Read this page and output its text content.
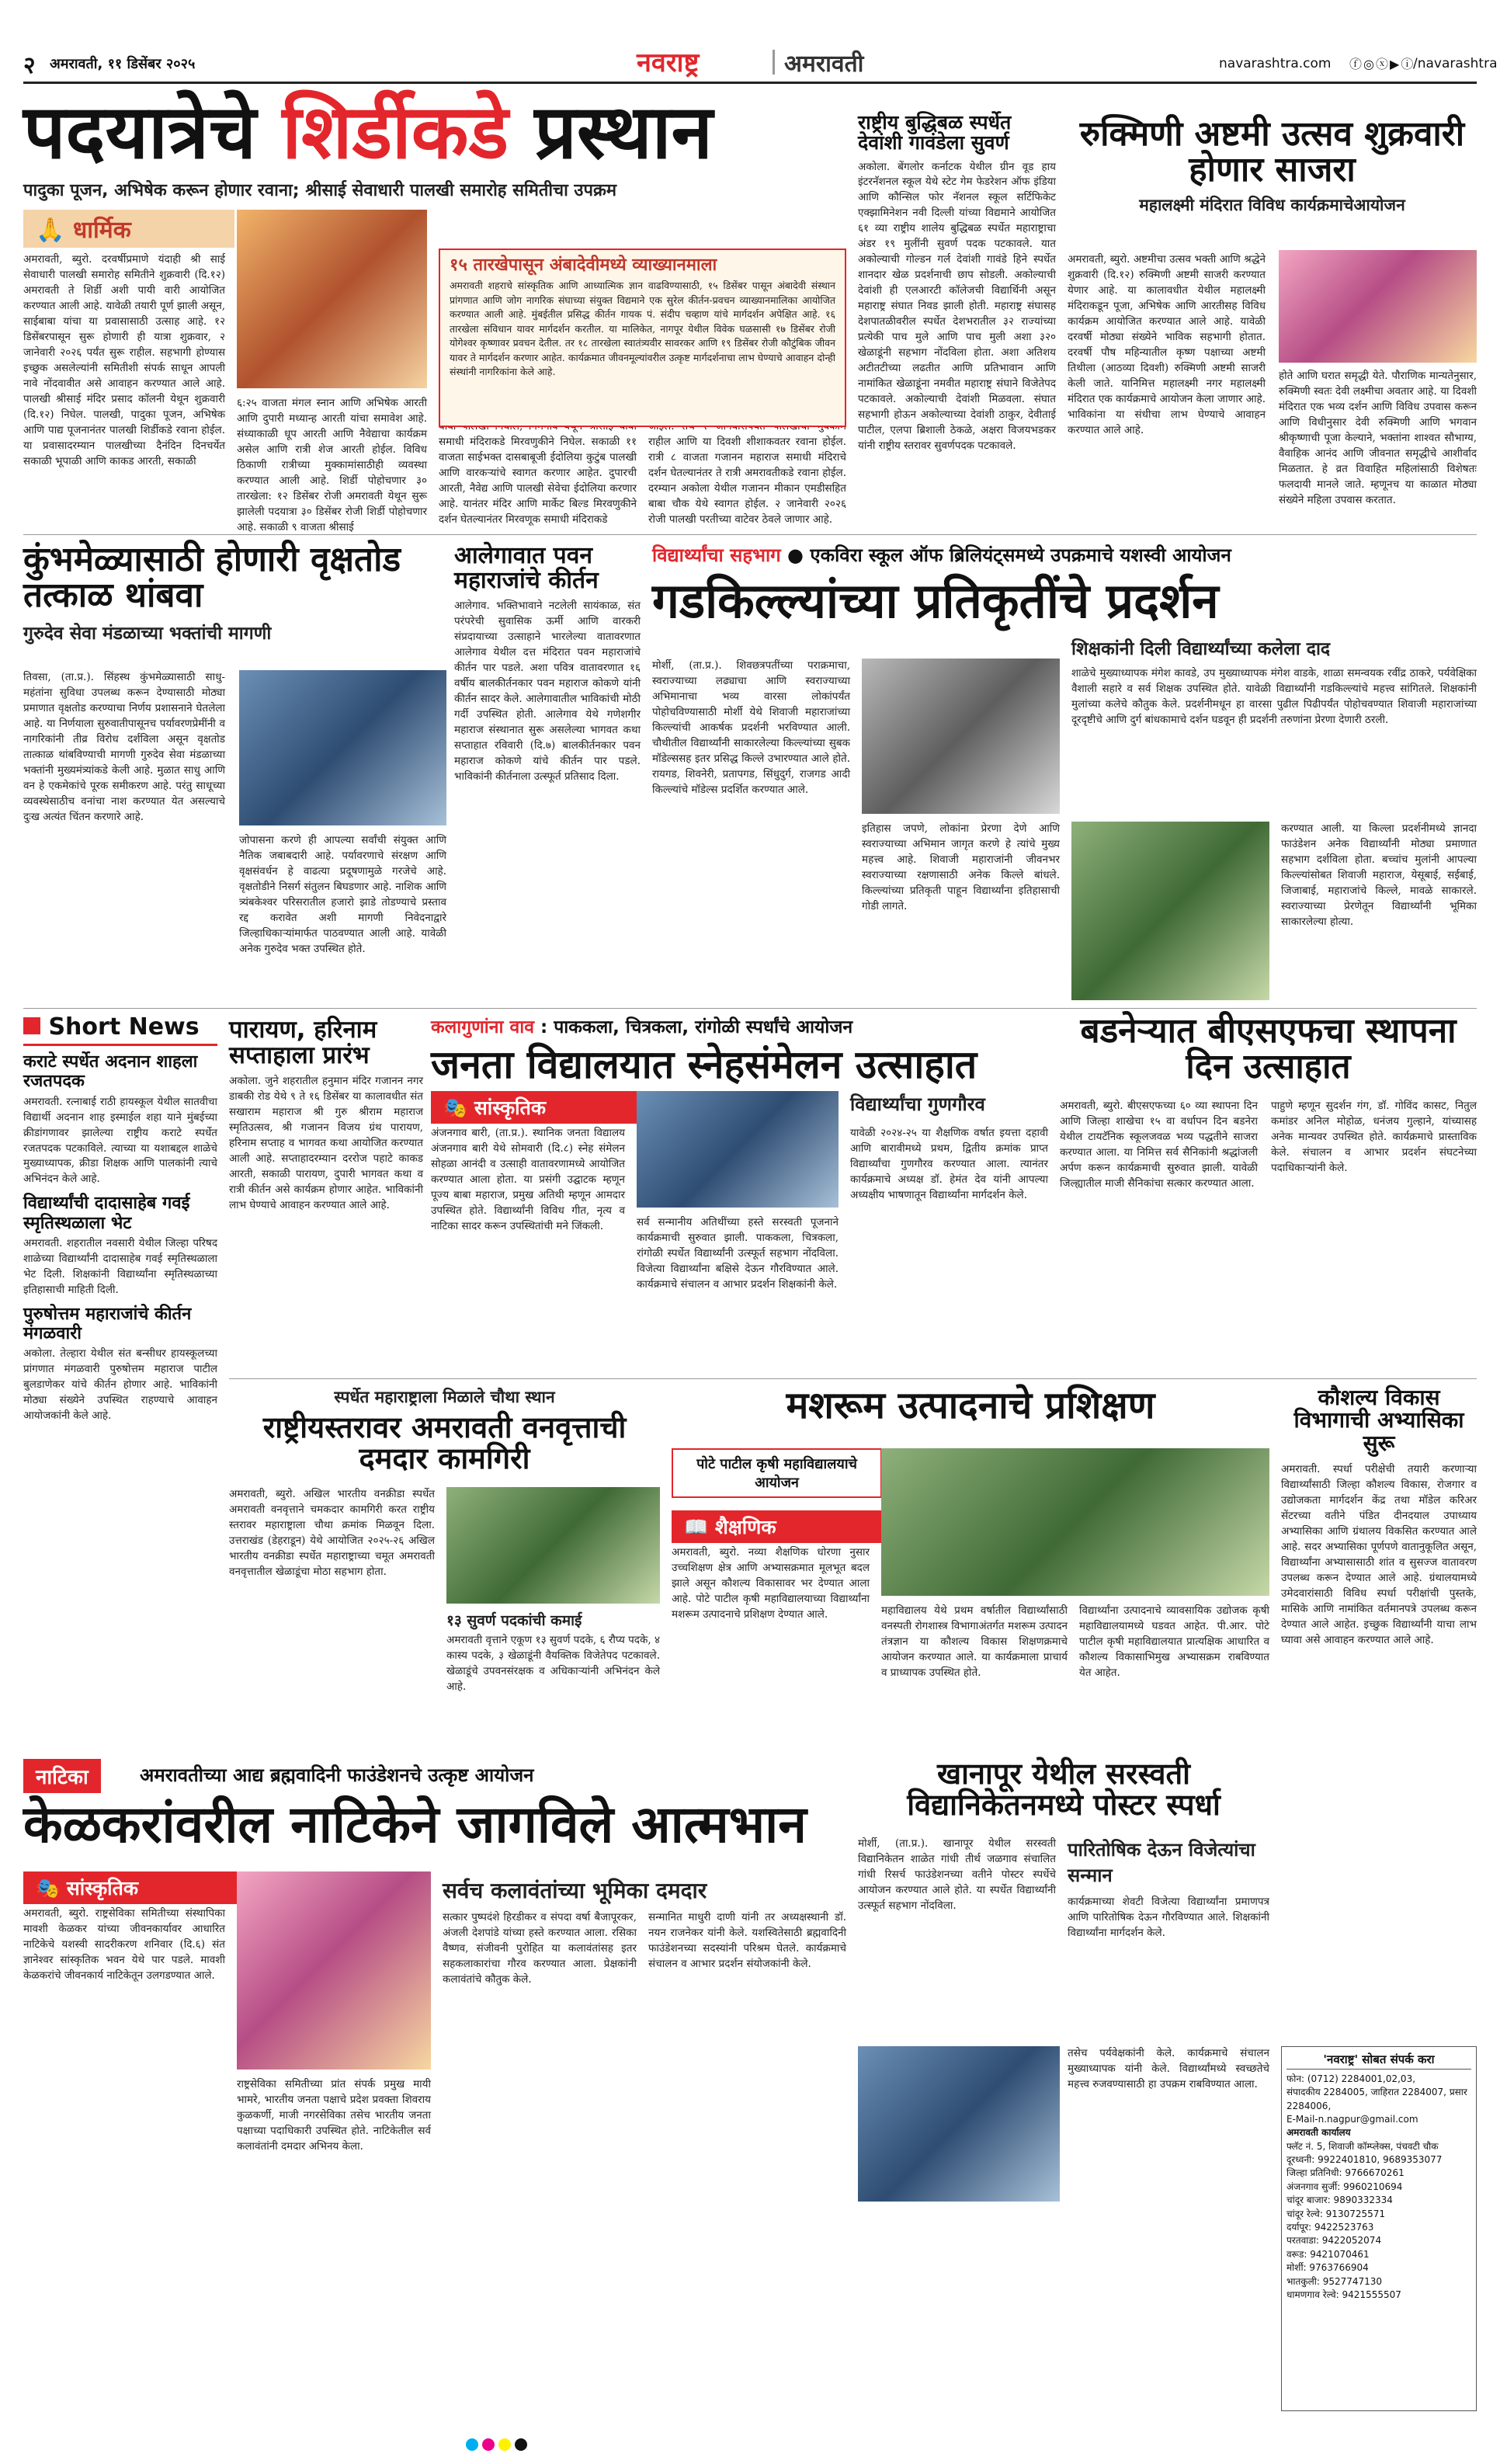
२ अमरावती, ११ डिसेंबर २०२५	नवराष्ट्र	अमरावती	navarashtra.com ⓕ◎ⓧ▶ⓘ
/navarashtra
पदयात्रेचे शिर्डीकडे प्रस्थान

पादुका पूजन, अभिषेक करून होणार रवाना; श्रीसाई सेवाधारी पालखी समारोह समितीचा उपक्रम

🙏 धार्मिक

अमरावती, ब्युरो. दरवर्षीप्रमाणे यंदाही श्री साई सेवाधारी पालखी समारोह समितीने शुक्रवारी (दि.१२) अमरावती ते शिर्डी अशी पायी वारी आयोजित करण्यात आली आहे. यावेळी तयारी पूर्ण झाली असून, साईबाबा यांचा या प्रवासासाठी उत्साह आहे. १२ डिसेंबरपासून सुरू होणारी ही यात्रा शुक्रवार, २ जानेवारी २०२६ पर्यंत सुरू राहील. सहभागी होण्यास इच्छुक असलेल्यांनी समितीशी संपर्क साधून आपली नावे नोंदवावीत असे आवाहन करण्यात आले आहे. पालखी श्रीसाई मंदिर प्रसाद कॉलनी येथून शुक्रवारी (दि.१२) निघेल. पालखी, पादुका पूजन, अभिषेक आणि पाद्य पूजनानंतर पालखी शिर्डीकडे रवाना होईल. या प्रवासादरम्यान पालखीच्या दैनंदिन दिनचर्येत सकाळी भूपाळी आणि काकड आरती, सकाळी

६:२५ वाजता मंगल स्नान आणि अभिषेक आरती आणि दुपारी मध्यान्ह आरती यांचा समावेश आहे. संध्याकाळी धूप आरती आणि नैवेद्याचा कार्यक्रम असेल आणि रात्री शेज आरती होईल. विविध ठिकाणी रात्रीच्या मुक्कामांसाठीही व्यवस्था करण्यात आली आहे. शिर्डी पोहोचणार ३० तारखेला: १२ डिसेंबर रोजी अमरावती येथून सुरू झालेली पदयात्रा ३० डिसेंबर रोजी शिर्डी पोहोचणार आहे. सकाळी ९ वाजता श्रीसाई

समाधी मंदिराकडे मिरवणुकीने निघेल. सकाळी ११ वाजता साईभक्त दासबाबूजी ईदोलिया कुटुंब पालखी आणि वारकऱ्यांचे स्वागत करणार आहेत. दुपारची आरती, नैवेद्य आणि पालखी सेवेचा ईदोलिया करणार आहे. यानंतर मंदिर आणि मार्केट बिल्ड मिरवणुकीने दर्शन घेतल्यानंतर मिरवणूक समाधी मंदिराकडे

राहील आणि या दिवशी शीशाकवतर रवाना होईल. रात्री ८ वाजता गजानन महाराज समाधी मंदिराचे दर्शन घेतल्यानंतर ते रात्री अमरावतीकडे रवाना होईल. दरम्यान अकोला येथील गजानन मीकान एमडीसहित बाबा चौक येथे स्वागत होईल. २ जानेवारी २०२६ रोजी पालखी परतीच्या वाटेवर ठेवले जाणार आहे.

१५ तारखेपासून अंबादेवीमध्ये व्याख्यानमाला

अमरावती शहराचे सांस्कृतिक आणि आध्यात्मिक ज्ञान वाढविण्यासाठी, १५ डिसेंबर पासून अंबादेवी संस्थान प्रांगणात आणि जोग नागरिक संघाच्या संयुक्त विद्यमाने एक सुरेल कीर्तन-प्रवचन व्याख्यानमालिका आयोजित करण्यात आली आहे. मुंबईतील प्रसिद्ध कीर्तन गायक पं. संदीप चव्हाण यांचे मार्गदर्शन अपेक्षित आहे. १६ तारखेला संविधान यावर मार्गदर्शन करतील. या मालिकेत, नागपूर येथील विवेक घळसासी १७ डिसेंबर रोजी योगेश्वर कृष्णावर प्रवचन देतील. तर १८ तारखेला स्वातंत्र्यवीर सावरकर आणि १९ डिसेंबर रोजी कौटुंबिक जीवन यावर ते मार्गदर्शन करणार आहेत. कार्यक्रमात जीवनमूल्यांवरील उत्कृष्ट मार्गदर्शनाचा लाभ घेण्याचे आवाहन दोन्ही संस्थांनी नागरिकांना केले आहे.

राष्ट्रीय बुद्धिबळ स्पर्धेत देवांशी गावंडेला सुवर्ण

अकोला. बेंगलोर कर्नाटक येथील ग्रीन वूड हाय इंटरनॅशनल स्कूल येथे स्टेट गेम फेडरेशन ऑफ इंडिया आणि कौन्सिल फोर नॅशनल स्कूल सर्टिफिकेट एक्झामिनेशन नवी दिल्ली यांच्या विद्यमाने आयोजित ६१ व्या राष्ट्रीय शालेय बुद्धिबळ स्पर्धेत महाराष्ट्राचा अंडर १९ मुलींनी सुवर्ण पदक पटकावले. यात अकोल्याची गोल्डन गर्ल देवांशी गावंडे हिने स्पर्धेत शानदार खेळ प्रदर्शनाची छाप सोडली. अकोल्याची देवांशी ही एलआरटी कॉलेजची विद्यार्थिनी असून महाराष्ट्र संघात निवड झाली होती. महाराष्ट्र संघासह देशपातळीवरील स्पर्धेत देशभरातील ३२ राज्यांच्या प्रत्येकी पाच मुले आणि पाच मुली अशा ३२० खेळाडूंनी सहभाग नोंदविला होता. अशा अतिशय अटीतटीच्या लढतीत आणि प्रतिभावान आणि नामांकित खेळाडूंना नमवीत महाराष्ट्र संघाने विजेतेपद पटकावले. अकोल्याची देवांशी मिळवला. संघात सहभागी होऊन अकोल्याच्या देवांशी ठाकुर, देवीताई पाटील, एलपा ब्रिशाली ठेकळे, अक्षरा विजयभडकर यांनी राष्ट्रीय स्तरावर सुवर्णपदक पटकावले.

रुक्मिणी अष्टमी उत्सव शुक्रवारी होणार साजरा

महालक्ष्मी मंदिरात विविध कार्यक्रमाचेआयोजन

अमरावती, ब्युरो. अष्टमीचा उत्सव भक्ती आणि श्रद्धेने शुक्रवारी (दि.१२) रुक्मिणी अष्टमी साजरी करण्यात येणार आहे. या कालावधीत येथील महालक्ष्मी मंदिराकडून पूजा, अभिषेक आणि आरतीसह विविध कार्यक्रम आयोजित करण्यात आले आहे. यावेळी दरवर्षी मोठ्या संख्येने भाविक सहभागी होतात. दरवर्षी पौष महिन्यातील कृष्ण पक्षाच्या अष्टमी तिथीला (आठव्या दिवशी) रुक्मिणी अष्टमी साजरी केली जाते. यानिमित्त महालक्ष्मी नगर महालक्ष्मी मंदिरात एक कार्यक्रमाचे आयोजन केला जाणार आहे. भाविकांना या संधीचा लाभ घेण्याचे आवाहन करण्यात आले आहे.

होते आणि घरात समृद्धी येते. पौराणिक मान्यतेनुसार, रुक्मिणी स्वतः देवी लक्ष्मीचा अवतार आहे. या दिवशी मंदिरात एक भव्य दर्शन आणि विविध उपवास करून आणि विधीनुसार देवी रुक्मिणी आणि भगवान श्रीकृष्णाची पूजा केल्याने, भक्तांना शाश्वत सौभाग्य, वैवाहिक आनंद आणि जीवनात समृद्धीचे आशीर्वाद मिळतात. हे व्रत विवाहित महिलांसाठी विशेषतः फलदायी मानले जाते. म्हणूनच या काळात मोठ्या संख्येने महिला उपवास करतात.

कुंभमेळ्यासाठी होणारी वृक्षतोड तत्काळ थांबवा

गुरुदेव सेवा मंडळाच्या भक्तांची मागणी

तिवसा, (ता.प्र.). सिंहस्थ कुंभमेळ्यासाठी साधु-महंतांना सुविधा उपलब्ध करून देण्यासाठी मोठ्या प्रमाणात वृक्षतोड करण्याचा निर्णय प्रशासनाने घेतलेला आहे. या निर्णयाला सुरुवातीपासूनच पर्यावरणप्रेमींनी व नागरिकांनी तीव्र विरोध दर्शविला असून वृक्षतोड तात्काळ थांबविण्याची मागणी गुरुदेव सेवा मंडळाच्या भक्तांनी मुख्यमंत्र्यांकडे केली आहे. मुळात साधु आणि वन हे एकमेकांचे पूरक समीकरण आहे. परंतु साधूच्या व्यवस्थेसाठीच वनांचा नाश करण्यात येत असल्याचे दुःख अत्यंत चिंतन करणारे आहे.

जोपासना करणे ही आपल्या सर्वांची संयुक्त आणि नैतिक जबाबदारी आहे. पर्यावरणाचे संरक्षण आणि वृक्षसंवर्धन हे वाढत्या प्रदूषणामुळे गरजेचे आहे. वृक्षतोडीने निसर्ग संतुलन बिघडणार आहे. नाशिक आणि त्र्यंबकेश्वर परिसरातील हजारो झाडे तोडण्याचे प्रस्ताव रद्द करावेत अशी मागणी निवेदनाद्वारे जिल्हाधिकाऱ्यांमार्फत पाठवण्यात आली आहे. यावेळी अनेक गुरुदेव भक्त उपस्थित होते.

आलेगावात पवन महाराजांचे कीर्तन

आलेगाव. भक्तिभावाने नटलेली सायंकाळ, संत परंपरेची सुवासिक ऊर्मी आणि वारकरी संप्रदायाच्या उत्साहाने भारलेल्या वातावरणात आलेगाव येथील दत्त मंदिरात पवन महाराजांचे कीर्तन पार पडले. अशा पवित्र वातावरणात १६ वर्षीय बालकीर्तनकार पवन महाराज कोकणे यांनी कीर्तन सादर केले. आलेगावातील भाविकांची मोठी गर्दी उपस्थित होती. आलेगाव येथे गणेशगीर महाराज संस्थानात सुरू असलेल्या भागवत कथा सप्ताहात रविवारी (दि.७) बालकीर्तनकार पवन महाराज कोकणे यांचे कीर्तन पार पडले. भाविकांनी कीर्तनाला उत्स्फूर्त प्रतिसाद दिला.

विद्यार्थ्यांचा सहभाग ● एकविरा स्कूल ऑफ ब्रिलियंट्समध्ये उपक्रमाचे यशस्वी आयोजन
गडकिल्ल्यांच्या प्रतिकृतींचे प्रदर्शन

शिक्षकांनी दिली विद्यार्थ्यांच्या कलेला दाद

मोर्शी, (ता.प्र.). शिवछत्रपतींच्या पराक्रमाचा, स्वराज्याच्या लढ्याचा आणि स्वराज्याच्या अभिमानाचा भव्य वारसा लोकांपर्यंत पोहोचविण्यासाठी मोर्शी येथे शिवाजी महाराजांच्या किल्ल्यांची आकर्षक प्रदर्शनी भरविण्यात आली. चौथीतील विद्यार्थ्यांनी साकारलेल्या किल्ल्यांच्या सुबक मॉडेल्ससह इतर प्रसिद्ध किल्ले उभारण्यात आले होते. रायगड, शिवनेरी, प्रतापगड, सिंधुदुर्ग, राजगड आदी किल्ल्यांचे मॉडेल्स प्रदर्शित करण्यात आले.

इतिहास जपणे, लोकांना प्रेरणा देणे आणि स्वराज्याच्या अभिमान जागृत करणे हे त्यांचे मुख्य महत्त्व आहे. शिवाजी महाराजांनी जीवनभर स्वराज्याच्या रक्षणासाठी अनेक किल्ले बांधले. किल्ल्यांच्या प्रतिकृती पाहून विद्यार्थ्यांना इतिहासाची गोडी लागते.

शाळेचे मुख्याध्यापक मंगेश कावडे, उप मुख्याध्यापक मंगेश वाडके, शाळा समन्वयक रवींद्र ठाकरे, पर्यवेक्षिका वैशाली सहारे व सर्व शिक्षक उपस्थित होते. यावेळी विद्यार्थ्यांनी गडकिल्ल्यांचे महत्त्व सांगितले. शिक्षकांनी मुलांच्या कलेचे कौतुक केले. प्रदर्शनीमधून हा वारसा पुढील पिढीपर्यंत पोहोचवण्यात शिवाजी महाराजांच्या दूरदृष्टीचे आणि दुर्ग बांधकामाचे दर्शन घडवून ही प्रदर्शनी तरुणांना प्रेरणा देणारी ठरली.

करण्यात आली. या किल्ला प्रदर्शनीमध्ये ज्ञानदा फाउंडेशन अनेक विद्यार्थ्यांनी मोठ्या प्रमाणात सहभाग दर्शविला होता. बच्चांच मुलांनी आपल्या किल्ल्यांसोबत शिवाजी महाराज, येसूबाई, सईबाई, जिजाबाई, महाराजांचे किल्ले, मावळे साकारले. स्वराज्याच्या प्रेरणेतून विद्यार्थ्यांनी भूमिका साकारलेल्या होत्या.

Short News
कराटे स्पर्धेत अदनान शाहला रजतपदक

अमरावती. रत्नाबाई राठी हायस्कूल येथील सातवीचा विद्यार्थी अदनान शाह इस्माईल शहा याने मुंबईच्या क्रीडांगणावर झालेल्या राष्ट्रीय कराटे स्पर्धेत रजतपदक पटकाविले. त्याच्या या यशाबद्दल शाळेचे मुख्याध्यापक, क्रीडा शिक्षक आणि पालकांनी त्याचे अभिनंदन केले आहे.

विद्यार्थ्यांची दादासाहेब गवई स्मृतिस्थळाला भेट

अमरावती. शहरातील नवसारी येथील जिल्हा परिषद शाळेच्या विद्यार्थ्यांनी दादासाहेब गवई स्मृतिस्थळाला भेट दिली. शिक्षकांनी विद्यार्थ्यांना स्मृतिस्थळाच्या इतिहासाची माहिती दिली.

पुरुषोत्तम महाराजांचे कीर्तन मंगळवारी

अकोला. तेल्हारा येथील संत बन्सीधर हायस्कूलच्या प्रांगणात मंगळवारी पुरुषोत्तम महाराज पाटील बुलडाणेकर यांचे कीर्तन होणार आहे. भाविकांनी मोठ्या संख्येने उपस्थित राहण्याचे आवाहन आयोजकांनी केले आहे.

पारायण, हरिनाम सप्ताहाला प्रारंभ

अकोला. जुने शहरातील हनुमान मंदिर गजानन नगर डाबकी रोड येथे ९ ते १६ डिसेंबर या कालावधीत संत सखाराम महाराज श्री गुरु श्रीराम महाराज स्मृतिउत्सव, श्री गजानन विजय ग्रंथ पारायण, हरिनाम सप्ताह व भागवत कथा आयोजित करण्यात आली आहे. सप्ताहादरम्यान दररोज पहाटे काकड आरती, सकाळी पारायण, दुपारी भागवत कथा व रात्री कीर्तन असे कार्यक्रम होणार आहेत. भाविकांनी लाभ घेण्याचे आवाहन करण्यात आले आहे.

कलागुणांना वाव : पाककला, चित्रकला, रांगोळी स्पर्धांचे आयोजन
जनता विद्यालयात स्नेहसंमेलन उत्साहात
🎭 सांस्कृतिक

अंजनगाव बारी, (ता.प्र.). स्थानिक जनता विद्यालय अंजनगाव बारी येथे सोमवारी (दि.८) स्नेह संमेलन सोहळा आनंदी व उत्साही वातावरणामध्ये आयोजित करण्यात आला होता. या प्रसंगी उद्घाटक म्हणून पूज्य बाबा महाराज, प्रमुख अतिथी म्हणून आमदार उपस्थित होते. विद्यार्थ्यांनी विविध गीत, नृत्य व नाटिका सादर करून उपस्थितांची मने जिंकली.	सर्व सन्मानीय अतिथींच्या हस्ते सरस्वती पूजनाने कार्यक्रमाची सुरुवात झाली. पाककला, चित्रकला, रांगोळी स्पर्धेत विद्यार्थ्यांनी उत्स्फूर्त सहभाग नोंदविला. विजेत्या विद्यार्थ्यांना बक्षिसे देऊन गौरविण्यात आले. कार्यक्रमाचे संचालन व आभार प्रदर्शन शिक्षकांनी केले.

विद्यार्थ्यांचा गुणगौरव

यावेळी २०२४-२५ या शैक्षणिक वर्षात इयत्ता दहावी आणि बारावीमध्ये प्रथम, द्वितीय क्रमांक प्राप्त विद्यार्थ्यांचा गुणगौरव करण्यात आला. त्यानंतर कार्यक्रमाचे अध्यक्ष डॉ. हेमंत देव यांनी आपल्या अध्यक्षीय भाषणातून विद्यार्थ्यांना मार्गदर्शन केले.

बडनेऱ्यात बीएसएफचा स्थापना दिन उत्साहात

अमरावती, ब्युरो. बीएसएफच्या ६० व्या स्थापना दिन आणि जिल्हा शाखेचा १५ वा वर्धापन दिन बडनेरा येथील टायटॅनिक स्कूलजवळ भव्य पद्धतीने साजरा करण्यात आला. या निमित्त सर्व सैनिकांनी श्रद्धांजली अर्पण करून कार्यक्रमाची सुरुवात झाली. यावेळी जिल्ह्यातील माजी सैनिकांचा सत्कार करण्यात आला.

पाहुणे म्हणून सुदर्शन गंग, डॉ. गोविंद कासट, नितुल कमांडर अनिल मोहोळ, धनंजय गुल्हाने, यांच्यासह अनेक मान्यवर उपस्थित होते. कार्यक्रमाचे प्रास्ताविक केले. संचालन व आभार प्रदर्शन संघटनेच्या पदाधिकाऱ्यांनी केले.

स्पर्धेत महाराष्ट्राला मिळाले चौथा स्थान

राष्ट्रीयस्तरावर अमरावती वनवृत्ताची दमदार कामगिरी

अमरावती, ब्युरो. अखिल भारतीय वनक्रीडा स्पर्धेत अमरावती वनवृत्ताने चमकदार कामगिरी करत राष्ट्रीय स्तरावर महाराष्ट्राला चौथा क्रमांक मिळवून दिला. उत्तराखंड (डेहराडून) येथे आयोजित २०२५-२६ अखिल भारतीय वनक्रीडा स्पर्धेत महाराष्ट्राच्या चमूत अमरावती वनवृत्तातील खेळाडूंचा मोठा सहभाग होता.

१३ सुवर्ण पदकांची कमाई

अमरावती वृत्ताने एकूण १३ सुवर्ण पदके, ६ रौप्य पदके, ४ कास्य पदके, ३ खेळाडूंनी वैयक्तिक विजेतेपद पटकावले. खेळाडूंचे उपवनसंरक्षक व अधिकाऱ्यांनी अभिनंदन केले आहे.

मशरूम उत्पादनाचे प्रशिक्षण
पोटे पाटील कृषी महाविद्यालयाचे आयोजन
📖 शैक्षणिक

अमरावती, ब्युरो. नव्या शैक्षणिक धोरणा नुसार उच्चशिक्षण क्षेत्र आणि अभ्यासक्रमात मूलभूत बदल झाले असून कौशल्य विकासावर भर देण्यात आला आहे. पोटे पाटील कृषी महाविद्यालयाच्या विद्यार्थ्यांना मशरूम उत्पादनाचे प्रशिक्षण देण्यात आले.	महाविद्यालय येथे प्रथम वर्षातील विद्यार्थ्यांसाठी वनस्पती रोगशास्त्र विभागाअंतर्गत मशरूम उत्पादन तंत्रज्ञान या कौशल्य विकास शिक्षणक्रमाचे आयोजन करण्यात आले. या कार्यक्रमाला प्राचार्य व प्राध्यापक उपस्थित होते.

विद्यार्थ्यांना उत्पादनाचे व्यावसायिक उद्योजक कृषी महाविद्यालयामध्ये घडवत आहेत. पी.आर. पोटे पाटील कृषी महाविद्यालयात प्रात्यक्षिक आधारित व कौशल्य विकासाभिमुख अभ्यासक्रम राबविण्यात येत आहेत.

कौशल्य विकास विभागाची अभ्यासिका सुरू

अमरावती. स्पर्धा परीक्षेची तयारी करणाऱ्या विद्यार्थ्यांसाठी जिल्हा कौशल्य विकास, रोजगार व उद्योजकता मार्गदर्शन केंद्र तथा मॉडेल करिअर सेंटरच्या वतीने पंडित दीनदयाल उपाध्याय अभ्यासिका आणि ग्रंथालय विकसित करण्यात आले आहे. सदर अभ्यासिका पूर्णपणे वातानुकूलित असून, विद्यार्थ्यांना अभ्यासासाठी शांत व सुसज्ज वातावरण उपलब्ध करून देण्यात आले आहे. ग्रंथालयामध्ये उमेदवारांसाठी विविध स्पर्धा परीक्षांची पुस्तके, मासिके आणि नामांकित वर्तमानपत्रे उपलब्ध करून देण्यात आले आहेत. इच्छुक विद्यार्थ्यांनी याचा लाभ घ्यावा असे आवाहन करण्यात आले आहे.

नाटिका	अमरावतीच्या आद्य ब्रह्मवादिनी फाउंडेशनचे उत्कृष्ट आयोजन
केळकरांवरील नाटिकेने जागविले आत्मभान
🎭 सांस्कृतिक

अमरावती, ब्युरो. राष्ट्रसेविका समितीच्या संस्थापिका मावशी केळकर यांच्या जीवनकार्यावर आधारित नाटिकेचे यशस्वी सादरीकरण शनिवार (दि.६) संत ज्ञानेश्वर सांस्कृतिक भवन येथे पार पडले. मावशी केळकरांचे जीवनकार्य नाटिकेतून उलगडण्यात आले.

सर्वच कलावंतांच्या भूमिका दमदार

राष्ट्रसेविका समितीच्या प्रांत संपर्क प्रमुख मायी भामरे, भारतीय जनता पक्षाचे प्रदेश प्रवक्ता शिवराय कुळकर्णी, माजी नगरसेविका तसेच भारतीय जनता पक्षाच्या पदाधिकारी उपस्थित होते. नाटिकेतील सर्व कलावंतांनी दमदार अभिनय केला.

सत्कार पुष्पदंशे हिरडीकर व संपदा वर्षा बैजापूरकर, अंजली देशपांडे यांच्या हस्ते करण्यात आला. रसिका वैष्णव, संजीवनी पुरोहित या कलावंतांसह इतर सहकलाकारांचा गौरव करण्यात आला. प्रेक्षकांनी कलावंतांचे कौतुक केले.

सन्मानित माधुरी दाणी यांनी तर अध्यक्षस्थानी डॉ. नयन राजनेकर यांनी केले. यशस्वितेसाठी ब्रह्मवादिनी फाउंडेशनच्या सदस्यांनी परिश्रम घेतले. कार्यक्रमाचे संचालन व आभार प्रदर्शन संयोजकांनी केले.

खानापूर येथील सरस्वती विद्यानिकेतनमध्ये पोस्टर स्पर्धा

मोर्शी, (ता.प्र.). खानापूर येथील सरस्वती विद्यानिकेतन शाळेत गांधी तीर्थ जळगाव संचालित गांधी रिसर्च फाउंडेशनच्या वतीने पोस्टर स्पर्धेचे आयोजन करण्यात आले होते. या स्पर्धेत विद्यार्थ्यांनी उत्स्फूर्त सहभाग नोंदविला.

पारितोषिक देऊन विजेत्यांचा सन्मान

कार्यक्रमाच्या शेवटी विजेत्या विद्यार्थ्यांना प्रमाणपत्र आणि पारितोषिक देऊन गौरविण्यात आले. शिक्षकांनी विद्यार्थ्यांना मार्गदर्शन केले.

तसेच पर्यवेक्षकांनी केले. कार्यक्रमाचे संचालन मुख्याध्यापक यांनी केले. विद्यार्थ्यांमध्ये स्वच्छतेचे महत्त्व रुजवण्यासाठी हा उपक्रम राबविण्यात आला.

'नवराष्ट्र' सोबत संपर्क करा
फोन: (0712) 2284001,02,03,
संपादकीय 2284005, जाहिरात 2284007, प्रसार 2284006,
E-Mail-n.nagpur@gmail.com
अमरावती कार्यालय
फ्लॅट नं. 5, शिवाजी कॉम्प्लेक्स, पंचवटी चौक
दूरध्वनी: 9922401810, 9689353077
जिल्हा प्रतिनिधी: 9766670261
अंजनगाव सुर्जी: 9960210694
चांदूर बाजार: 9890332334
चांदूर रेल्वे: 9130725571
दर्यापूर: 9422523763
परतवाडा: 9422052074
वरूड: 9421070461
मोर्शी: 9763766904
भातकुली: 9527747130
धामणगाव रेल्वे: 9421555507
